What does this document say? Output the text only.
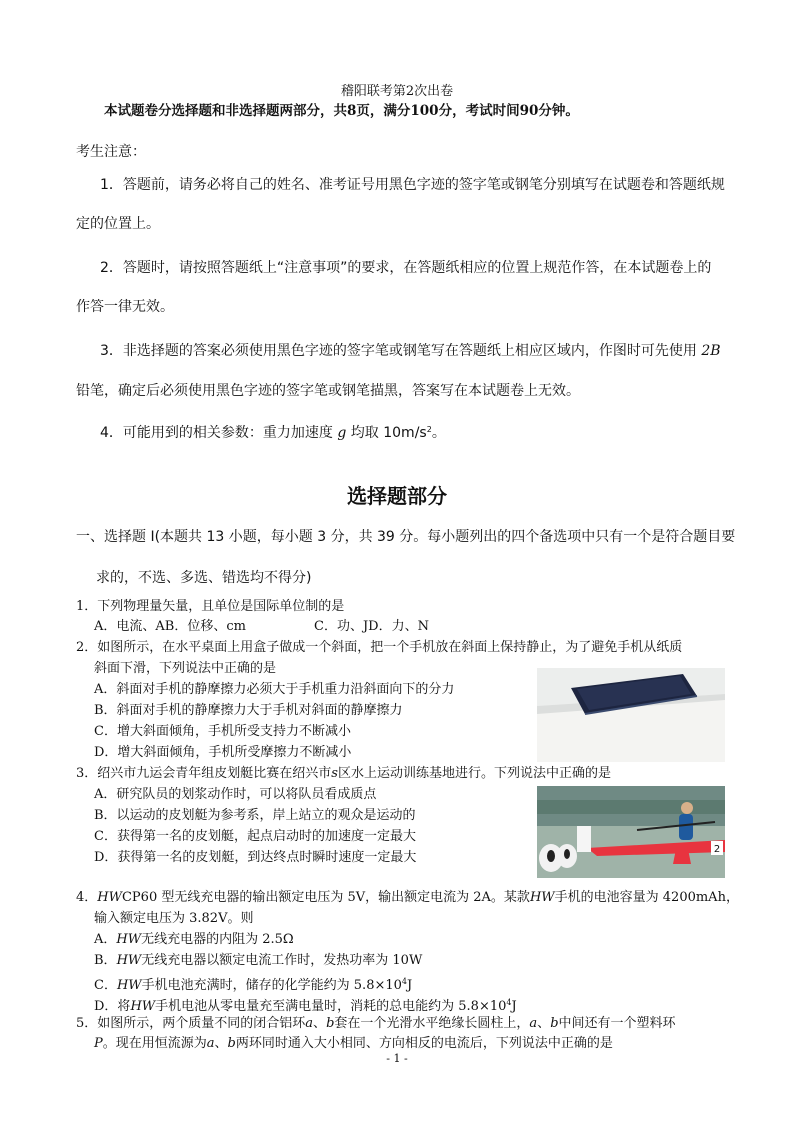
稽阳联考第2次出卷
本试题卷分选择题和非选择题两部分，共8页，满分100分，考试时间90分钟。
考生注意：
1．答题前，请务必将自己的姓名、准考证号用黑色字迹的签字笔或钢笔分别填写在试题卷和答题纸规
定的位置上。
2．答题时，请按照答题纸上“注意事项”的要求，在答题纸相应的位置上规范作答，在本试题卷上的
作答一律无效。
3．非选择题的答案必须使用黑色字迹的签字笔或钢笔写在答题纸上相应区域内，作图时可先使用 2B
铅笔，确定后必须使用黑色字迹的签字笔或钢笔描黑，答案写在本试题卷上无效。
4．可能用到的相关参数：重力加速度 g 均取 $10m/s^2$。
选择题部分
一、选择题 I(本题共 13 小题，每小题 3 分，共 39 分。每小题列出的四个备选项中只有一个是符合题目要
求的，不选、多选、错选均不得分)
1．下列物理量矢量，且单位是国际单位制的是
A．电流、AB．位移、cm	C．功、JD．力、N
2．如图所示，在水平桌面上用盒子做成一个斜面，把一个手机放在斜面上保持静止，为了避免手机从纸质
斜面下滑，下列说法中正确的是
A．斜面对手机的静摩擦力必须大于手机重力沿斜面向下的分力
B．斜面对手机的静摩擦力大于手机对斜面的静摩擦力
C．增大斜面倾角，手机所受支持力不断减小
D．增大斜面倾角，手机所受摩擦力不断减小
3．绍兴市九运会青年组皮划艇比赛在绍兴市s区水上运动训练基地进行。下列说法中正确的是
A．研究队员的划浆动作时，可以将队员看成质点
B．以运动的皮划艇为参考系，岸上站立的观众是运动的
C．获得第一名的皮划艇，起点启动时的加速度一定最大
D．获得第一名的皮划艇，到达终点时瞬时速度一定最大
2
4．HWCP60 型无线充电器的输出额定电压为 5V，输出额定电流为 2A。某款HW手机的电池容量为 4200mAh，
输入额定电压为 3.82V。则
A．HW无线充电器的内阻为 2.5Ω
B．HW无线充电器以额定电流工作时，发热功率为 10W
C．HW手机电池充满时，储存的化学能约为 $5.8\times 10^4J$
D．将HW手机电池从零电量充至满电量时，消耗的总电能约为 $5.8\times 10^4J$
5．如图所示，两个质量不同的闭合铝环a、b套在一个光滑水平绝缘长圆柱上，a、b中间还有一个塑料环
P。现在用恒流源为a、b两环同时通入大小相同、方向相反的电流后，下列说法中正确的是
- 1 -
